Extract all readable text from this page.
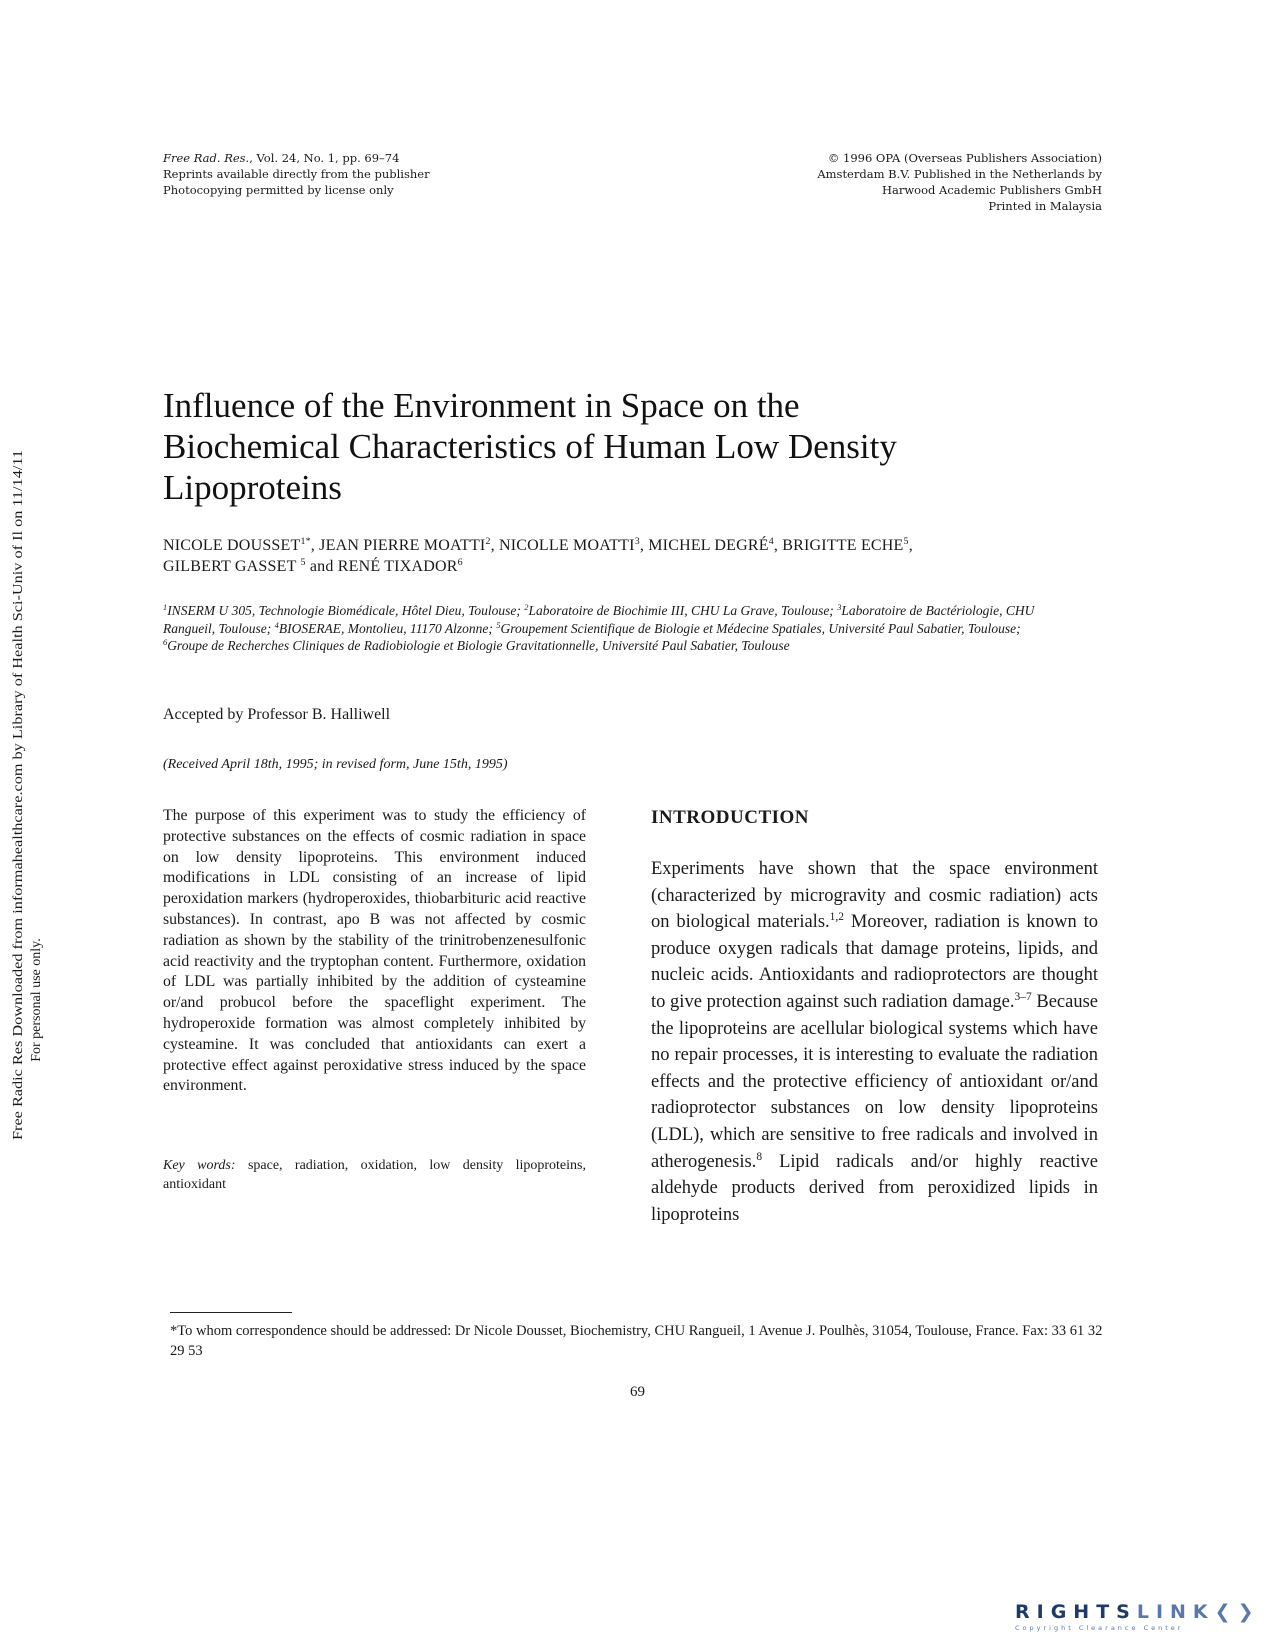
Free Rad. Res., Vol. 24, No. 1, pp. 69–74
Reprints available directly from the publisher
Photocopying permitted by license only
© 1996 OPA (Overseas Publishers Association)
Amsterdam B.V. Published in the Netherlands by
Harwood Academic Publishers GmbH
Printed in Malaysia
Free Radic Res Downloaded from informahealthcare.com by Library of Health Sci-Univ of Il on 11/14/11 For personal use only.
Influence of the Environment in Space on the
Biochemical Characteristics of Human Low Density
Lipoproteins
NICOLE $DOUSSET^{1*}$, JEAN PIERRE MOATTI$^2$, NICOLLE MOATTI$^3$, MICHEL DEGRÉ$^4$, BRIGITTE ECHE$^5$,
GILBERT GASSET $^5$ and RENÉ TIXADOR$^6$
$^1$INSERM U 305, Technologie Biomédicale, Hôtel Dieu, Toulouse; $^2$Laboratoire de Biochimie III, CHU La Grave, Toulouse; $^3$Laboratoire de Bactériologie, CHU Rangueil, Toulouse; $^4$BIOSERAE, Montolieu, 11170 Alzonne; $^5$Groupement Scientifique de Biologie et Médecine Spatiales, Université Paul Sabatier, Toulouse; $^6$Groupe de Recherches Cliniques de Radiobiologie et Biologie Gravitationnelle, Université Paul Sabatier, Toulouse
Accepted by Professor B. Halliwell
(Received April 18th, 1995; in revised form, June 15th, 1995)
The purpose of this experiment was to study the efficiency of protective substances on the effects of cosmic radiation in space on low density lipoproteins. This environment induced modifications in LDL consisting of an increase of lipid peroxidation markers (hydroperoxides, thiobarbituric acid reactive substances). In contrast, apo B was not affected by cosmic radiation as shown by the stability of the trinitrobenzenesulfonic acid reactivity and the tryptophan content. Furthermore, oxidation of LDL was partially inhibited by the addition of cysteamine or/and probucol before the spaceflight experiment. The hydroperoxide formation was almost completely inhibited by cysteamine. It was concluded that antioxidants can exert a protective effect against peroxidative stress induced by the space environment.
Key words: space, radiation, oxidation, low density lipoproteins, antioxidant
INTRODUCTION
Experiments have shown that the space environment (characterized by microgravity and cosmic radiation) acts on biological materials.$^{1,2}$ Moreover, radiation is known to produce oxygen radicals that damage proteins, lipids, and nucleic acids. Antioxidants and radioprotectors are thought to give protection against such radiation damage.$^{3-7}$ Because the lipoproteins are acellular biological systems which have no repair processes, it is interesting to evaluate the radiation effects and the protective efficiency of antioxidant or/and radioprotector substances on low density lipoproteins (LDL), which are sensitive to free radicals and involved in atherogenesis.$^8$ Lipid radicals and/or highly reactive aldehyde products derived from peroxidized lipids in lipoproteins
*To whom correspondence should be addressed: Dr Nicole Dousset, Biochemistry, CHU Rangueil, 1 Avenue J. Poulhès, 31054, Toulouse, France. Fax: 33 61 32 29 53
69
RIGHTSLINK❮❯
Copyright Clearance Center
